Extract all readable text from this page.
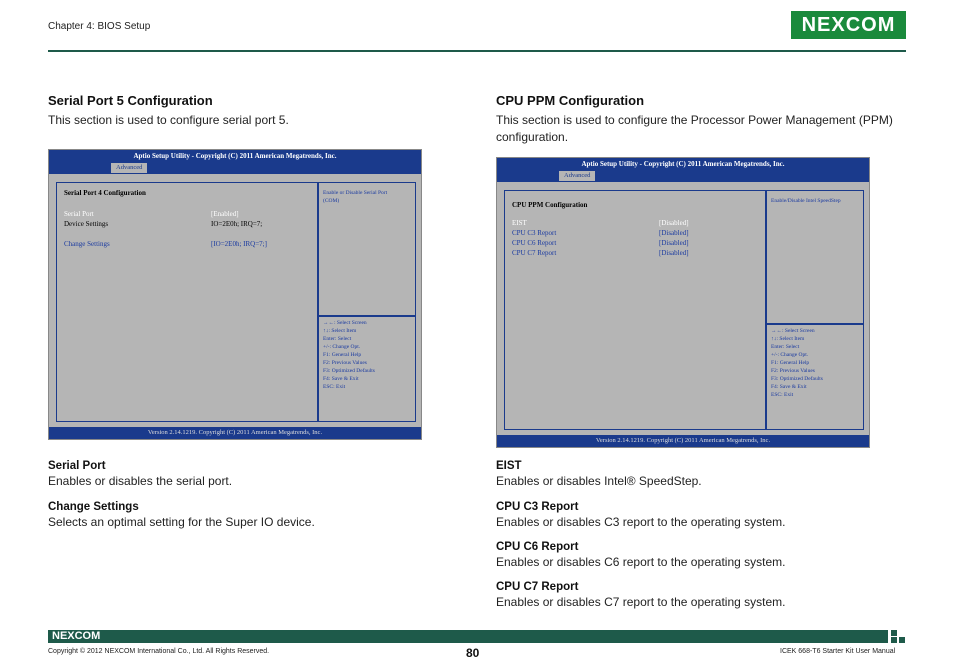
Chapter 4: BIOS Setup	NEXCOM
Serial Port 5 Configuration
This section is used to configure serial port 5.
Aptio Setup Utility - Copyright (C) 2011 American Megatrends, Inc.
Advanced
Serial Port 4 Configuration
Serial Port	[Enabled]
Device Settings	IO=2E0h; IRQ=7;
Change Settings	[IO=2E0h; IRQ=7;]
Enable or Disable Serial Port
(COM)
→←: Select Screen
↑↓: Select Item
Enter: Select
+/-: Change Opt.
F1: General Help
F2: Previous Values
F3: Optimized Defaults
F4: Save & Exit
ESC: Exit
Version 2.14.1219. Copyright (C) 2011 American Megatrends, Inc.
Serial Port
Enables or disables the serial port.
Change Settings
Selects an optimal setting for the Super IO device.
CPU PPM Configuration
This section is used to configure the Processor Power Management (PPM) configuration.
Aptio Setup Utility - Copyright (C) 2011 American Megatrends, Inc.
Advanced
CPU PPM Configuration
EIST	[Disabled]
CPU C3 Report	[Disabled]
CPU C6 Report	[Disabled]
CPU C7 Report	[Disabled]
Enable/Disable Intel SpeedStep
→←: Select Screen
↑↓: Select Item
Enter: Select
+/-: Change Opt.
F1: General Help
F2: Previous Values
F3: Optimized Defaults
F4: Save & Exit
ESC: Exit
Version 2.14.1219. Copyright (C) 2011 American Megatrends, Inc.
EIST
Enables or disables Intel® SpeedStep.
CPU C3 Report
Enables or disables C3 report to the operating system.
CPU C6 Report
Enables or disables C6 report to the operating system.
CPU C7 Report
Enables or disables C7 report to the operating system.
NEXCOM
Copyright © 2012 NEXCOM International Co., Ltd. All Rights Reserved.	80	ICEK 668-T6 Starter Kit User Manual
